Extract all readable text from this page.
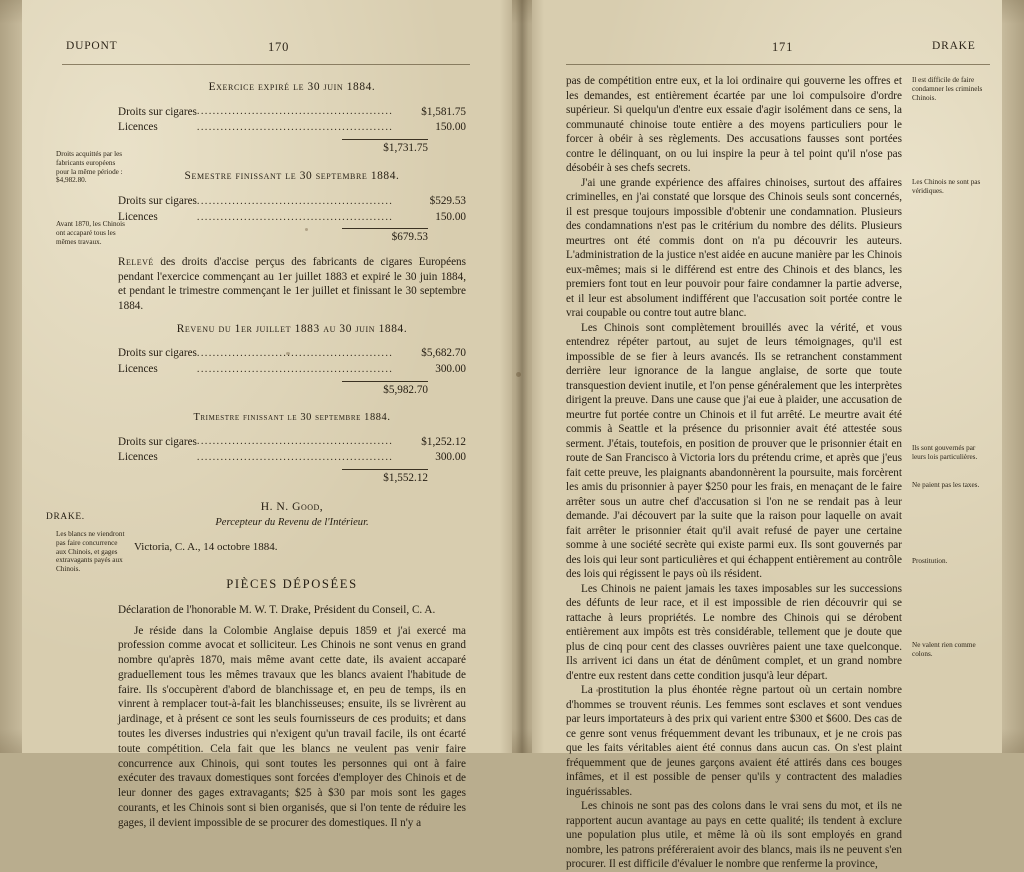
DUPONT	170	171	DRAKE
Exercice expiré le 30 juin 1884.
Droits sur cigares	..................................................	$1,581.75
Licences	..................................................	150.00
$1,731.75
Semestre finissant le 30 septembre 1884.
Droits sur cigares	..................................................	$529.53
Licences	..................................................	150.00
$679.53
Relevé des droits d'accise perçus des fabricants de cigares Européens pendant l'exercice commençant au 1er juillet 1883 et expiré le 30 juin 1884, et pendant le trimestre commençant le 1er juillet et finissant le 30 septembre 1884.
Revenu du 1er juillet 1883 au 30 juin 1884.
Droits sur cigares	..................................................	$5,682.70
Licences	..................................................	300.00
$5,982.70
Trimestre finissant le 30 septembre 1884.
Droits sur cigares	..................................................	$1,252.12
Licences	..................................................	300.00
$1,552.12
H. N. Good,
Percepteur du Revenu de l'Intérieur.
Victoria, C. A., 14 octobre 1884.
PIÈCES DÉPOSÉES
Déclaration de l'honorable M. W. T. Drake, Président du Conseil, C. A.
Je réside dans la Colombie Anglaise depuis 1859 et j'ai exercé ma profession comme avocat et solliciteur. Les Chinois ne sont venus en grand nombre qu'après 1870, mais même avant cette date, ils avaient accaparé graduellement tous les mêmes travaux que les blancs avaient l'habitude de faire. Ils s'occupèrent d'abord de blanchissage et, en peu de temps, ils en vinrent à remplacer tout-à-fait les blanchisseuses; ensuite, ils se livrèrent au jardinage, et à présent ce sont les seuls fournisseurs de ces produits; et dans toutes les diverses industries qui n'exigent qu'un travail facile, ils ont écarté toute compétition. Cela fait que les blancs ne veulent pas venir faire concurrence aux Chinois, qui sont toutes les personnes qui ont à faire exécuter des travaux domestiques sont forcées d'employer des Chinois et de leur donner des gages extravagants; $25 à $30 par mois sont les gages courants, et les Chinois sont si bien organisés, que si l'on tente de réduire les gages, il devient impossible de se procurer des domestiques. Il n'y a
Droits acquittés par les fabricants européens pour la même période : $4,982.80.
Avant 1870, les Chinois ont accaparé tous les mêmes travaux.
DRAKE.
Les blancs ne viendront pas faire concurrence aux Chinois, et gages extravagants payés aux Chinois.

pas de compétition entre eux, et la loi ordinaire qui gouverne les offres et les demandes, est entièrement écartée par une loi compulsoire d'ordre supérieur. Si quelqu'un d'entre eux essaie d'agir isolément dans ce sens, la communauté chinoise toute entière a des moyens particuliers pour le forcer à obéir à ses règlements. Des accusations fausses sont portées contre le délinquant, on ou lui inspire la peur à tel point qu'il n'ose pas désobéir à ses chefs secrets.

J'ai une grande expérience des affaires chinoises, surtout des affaires criminelles, en j'ai constaté que lorsque des Chinois seuls sont concernés, il est presque toujours impossible d'obtenir une condamnation. Plusieurs des condamnations n'est pas le critérium du nombre des délits. Plusieurs meurtres ont été commis dont on n'a pu découvrir les auteurs. L'administration de la justice n'est aidée en aucune manière par les Chinois eux-mêmes; mais si le différend est entre des Chinois et des blancs, les premiers font tout en leur pouvoir pour faire condamner la partie adverse, et il leur est absolument indifférent que l'accusation soit portée contre le vrai coupable ou contre tout autre blanc.

Les Chinois sont complètement brouillés avec la vérité, et vous entendrez répéter partout, au sujet de leurs témoignages, qu'il est impossible de se fier à leurs avancés. Ils se retranchent constamment derrière leur ignorance de la langue anglaise, de sorte que toute transquestion devient inutile, et l'on pense généralement que les interprètes dirigent la preuve. Dans une cause que j'ai eue à plaider, une accusation de meurtre fut portée contre un Chinois et il fut arrêté. Le meurtre avait été commis à Seattle et la présence du prisonnier avait été attestée sous serment. J'étais, toutefois, en position de prouver que le prisonnier était en route de San Francisco à Victoria lors du prétendu crime, et après que j'eus fait cette preuve, les plaignants abandonnèrent la poursuite, mais forcèrent les amis du prisonnier à payer $250 pour les frais, en menaçant de le faire arrêter sous un autre chef d'accusation si l'on ne se rendait pas à leur demande. J'ai découvert par la suite que la raison pour laquelle on avait fait arrêter le prisonnier était qu'il avait refusé de payer une certaine somme à une société secrète qui existe parmi eux. Ils sont gouvernés par des lois qui leur sont particulières et qui échappent entièrement au contrôle des lois qui régissent le pays où ils résident.

Les Chinois ne paient jamais les taxes imposables sur les successions des défunts de leur race, et il est impossible de rien découvrir qui se rattache à leurs propriétés. Le nombre des Chinois qui se dérobent entièrement aux impôts est très considérable, tellement que je doute que plus de cinq pour cent des classes ouvrières paient une taxe quelconque. Ils arrivent ici dans un état de dénûment complet, et un grand nombre d'entre eux restent dans cette condition jusqu'à leur départ.

La prostitution la plus éhontée règne partout où un certain nombre d'hommes se trouvent réunis. Les femmes sont esclaves et sont vendues par leurs importateurs à des prix qui varient entre $300 et $600. Des cas de ce genre sont venus fréquemment devant les tribunaux, et je ne crois pas que les faits véritables aient été connus dans aucun cas. On s'est plaint fréquemment que de jeunes garçons avaient été attirés dans ces bouges infâmes, et il est possible de penser qu'ils y contractent des maladies inguérissables.

Les chinois ne sont pas des colons dans le vrai sens du mot, et ils ne rapportent aucun avantage au pays en cette qualité; ils tendent à exclure une population plus utile, et même là où ils sont employés en grand nombre, les patrons préféreraient avoir des blancs, mais ils ne peuvent s'en procurer. Il est difficile d'évaluer le nombre que renferme la province,

Il est difficile de faire condamner les criminels Chinois.
Les Chinois ne sont pas véridiques.
Ils sont gouvernés par leurs lois particulières.
Ne paient pas les taxes.
Prostitution.
Ne valent rien comme colons.
